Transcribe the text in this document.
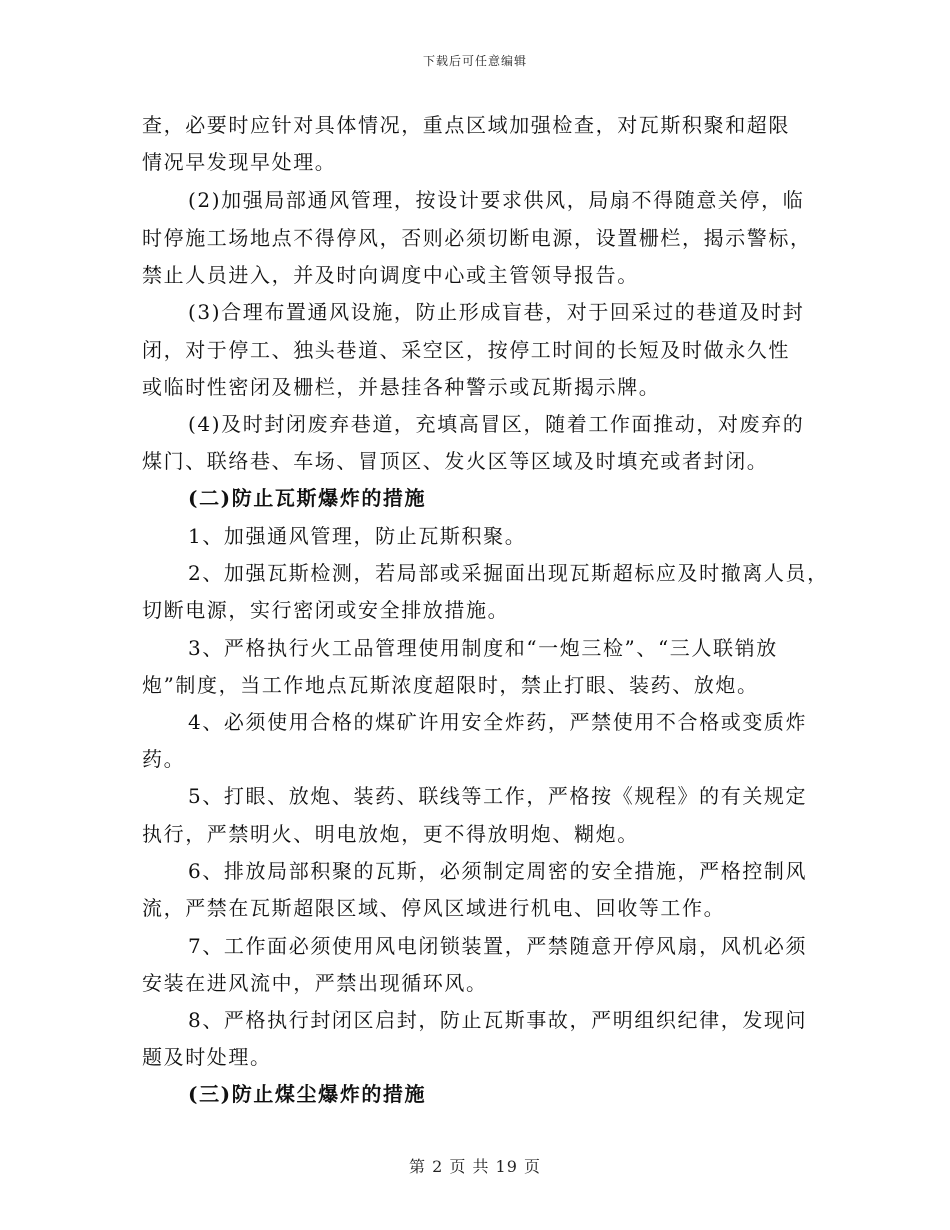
下载后可任意编辑
查，必要时应针对具体情况，重点区域加强检查，对瓦斯积聚和超限
情况早发现早处理。
(2)加强局部通风管理，按设计要求供风，局扇不得随意关停，临
时停施工场地点不得停风，否则必须切断电源，设置栅栏，揭示警标，
禁止人员进入，并及时向调度中心或主管领导报告。
(3)合理布置通风设施，防止形成盲巷，对于回采过的巷道及时封
闭，对于停工、独头巷道、采空区，按停工时间的长短及时做永久性
或临时性密闭及栅栏，并悬挂各种警示或瓦斯揭示牌。
(4)及时封闭废弃巷道，充填高冒区，随着工作面推动，对废弃的
煤门、联络巷、车场、冒顶区、发火区等区域及时填充或者封闭。
(二)防止瓦斯爆炸的措施
1、加强通风管理，防止瓦斯积聚。
2、加强瓦斯检测，若局部或采掘面出现瓦斯超标应及时撤离人员，
切断电源，实行密闭或安全排放措施。
3、严格执行火工品管理使用制度和“一炮三检”、“三人联销放
炮”制度，当工作地点瓦斯浓度超限时，禁止打眼、装药、放炮。
4、必须使用合格的煤矿许用安全炸药，严禁使用不合格或变质炸
药。
5、打眼、放炮、装药、联线等工作，严格按《规程》的有关规定
执行，严禁明火、明电放炮，更不得放明炮、糊炮。
6、排放局部积聚的瓦斯，必须制定周密的安全措施，严格控制风
流，严禁在瓦斯超限区域、停风区域进行机电、回收等工作。
7、工作面必须使用风电闭锁装置，严禁随意开停风扇，风机必须
安装在进风流中，严禁出现循环风。
8、严格执行封闭区启封，防止瓦斯事故，严明组织纪律，发现问
题及时处理。
(三)防止煤尘爆炸的措施
第 2 页 共 19 页
